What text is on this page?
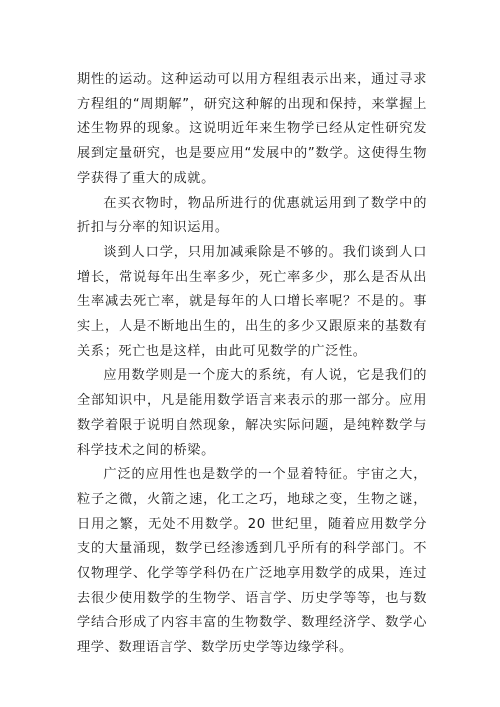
期性的运动。这种运动可以用方程组表示出来，通过寻求方程组的“周期解”，研究这种解的出现和保持，来掌握上述生物界的现象。这说明近年来生物学已经从定性研究发展到定量研究，也是要应用“发展中的”数学。这使得生物学获得了重大的成就。

在买衣物时，物品所进行的优惠就运用到了数学中的折扣与分率的知识运用。

谈到人口学，只用加减乘除是不够的。我们谈到人口增长，常说每年出生率多少，死亡率多少，那么是否从出生率减去死亡率，就是每年的人口增长率呢？不是的。事实上，人是不断地出生的，出生的多少又跟原来的基数有关系；死亡也是这样，由此可见数学的广泛性。

应用数学则是一个庞大的系统，有人说，它是我们的全部知识中，凡是能用数学语言来表示的那一部分。应用数学着限于说明自然现象，解决实际问题，是纯粹数学与科学技术之间的桥梁。

广泛的应用性也是数学的一个显着特征。宇宙之大，粒子之微，火箭之速，化工之巧，地球之变，生物之谜，日用之繁，无处不用数学。20 世纪里，随着应用数学分支的大量涌现，数学已经渗透到几乎所有的科学部门。不仅物理学、化学等学科仍在广泛地享用数学的成果，连过去很少使用数学的生物学、语言学、历史学等等，也与数学结合形成了内容丰富的生物数学、数理经济学、数学心理学、数理语言学、数学历史学等边缘学科。
